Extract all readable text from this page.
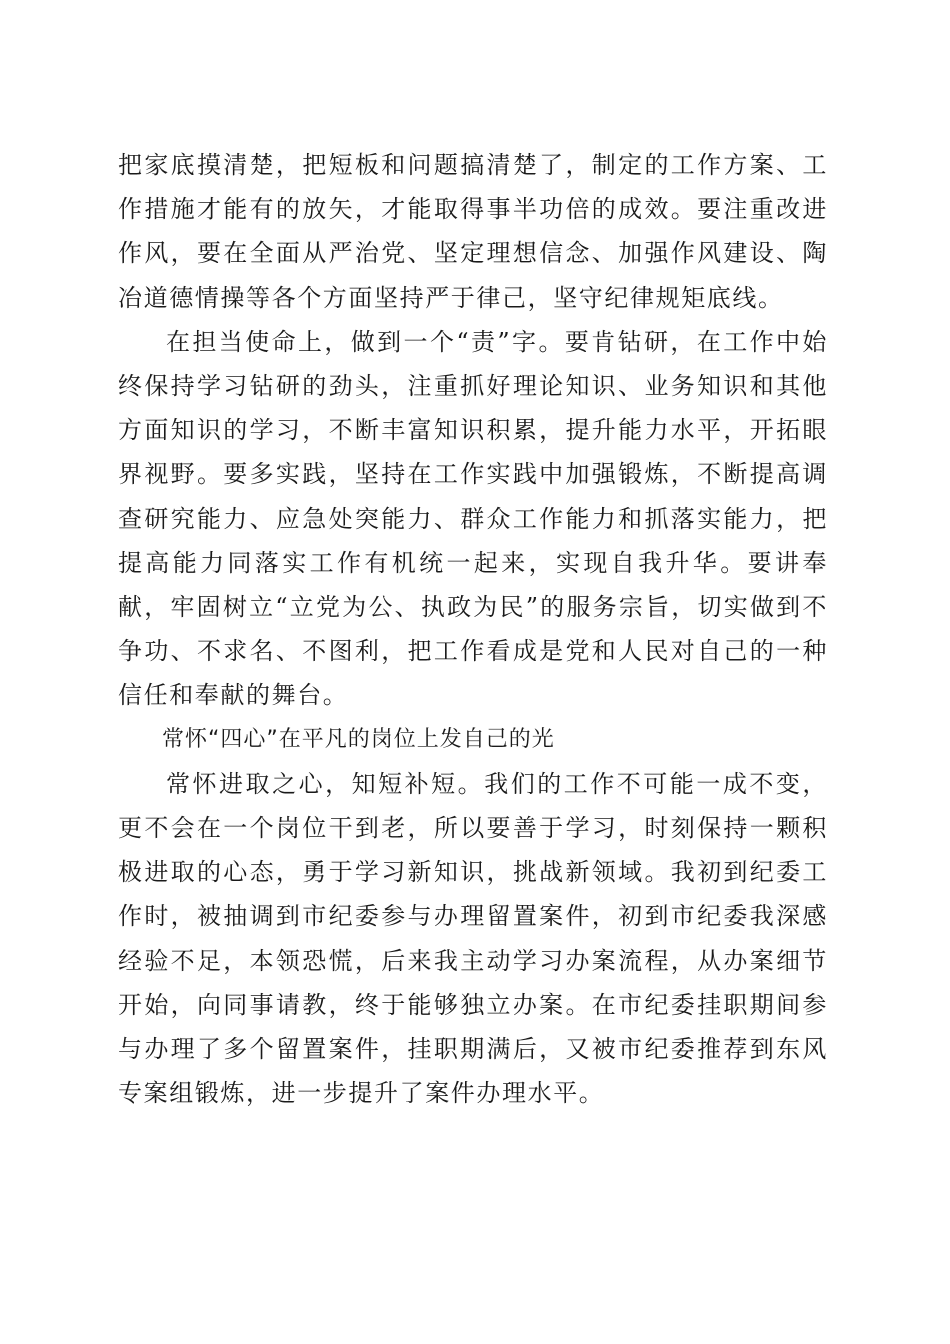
把家底摸清楚，把短板和问题搞清楚了，制定的工作方案、工作措施才能有的放矢，才能取得事半功倍的成效。要注重改进作风，要在全面从严治党、坚定理想信念、加强作风建设、陶冶道德情操等各个方面坚持严于律己，坚守纪律规矩底线。

在担当使命上，做到一个“责”字。要肯钻研，在工作中始终保持学习钻研的劲头，注重抓好理论知识、业务知识和其他方面知识的学习，不断丰富知识积累，提升能力水平，开拓眼界视野。要多实践，坚持在工作实践中加强锻炼，不断提高调查研究能力、应急处突能力、群众工作能力和抓落实能力，把提高能力同落实工作有机统一起来，实现自我升华。要讲奉献，牢固树立“立党为公、执政为民”的服务宗旨，切实做到不争功、不求名、不图利，把工作看成是党和人民对自己的一种信任和奉献的舞台。

常怀“四心”在平凡的岗位上发自己的光

常怀进取之心，知短补短。我们的工作不可能一成不变，更不会在一个岗位干到老，所以要善于学习，时刻保持一颗积极进取的心态，勇于学习新知识，挑战新领域。我初到纪委工作时，被抽调到市纪委参与办理留置案件，初到市纪委我深感经验不足，本领恐慌，后来我主动学习办案流程，从办案细节开始，向同事请教，终于能够独立办案。在市纪委挂职期间参与办理了多个留置案件，挂职期满后，又被市纪委推荐到东风专案组锻炼，进一步提升了案件办理水平。
